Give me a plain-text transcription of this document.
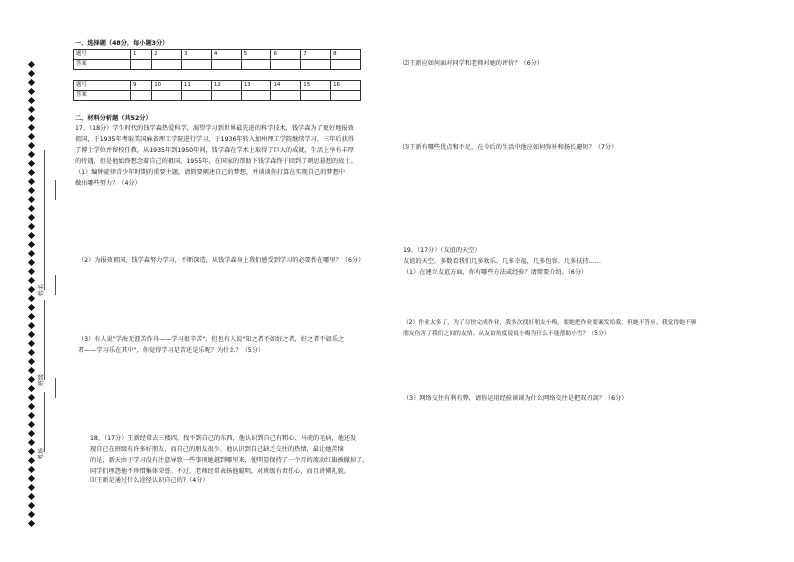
姓名
班级
考场
一、选择题（48分，每小题3分）
题号	1	2	3	4	5	6	7	8
答案								

题号	9	10	11	12	13	14	15	16
答案								
二、材料分析题（共52分）
17、（18分）学生时代的钱学森热爱科学，渴望学习到世界最先进的科学技术，钱学森为了更好地报效
祖国，于1935年考取美国麻省理工学院进行学习，于1936年转入加州理工学院继续学习，三年后获得
了博士学位并留校任教，从1935年到1950年间，钱学森在学术上取得了巨大的成就，生活上享有丰厚
的待遇，但是他始终想念着自己的祖国，1955年，在国家的帮助下钱学森终于回到了朝思暮想的故土。
（1）编钟旋律青少年时期的重要主题，请简要阐述自己的梦想，并谈谈你打算在实现自己的梦想中
做出哪些努力？（4分）
（2）为报效祖国，钱学森努力学习，不断深造，从钱学森身上我们感受到学习的必要性在哪里？（6分）
（3）有人说"学海无涯苦作舟——学习很辛苦"，但也有人说"知之者不如好之者，好之者不如乐之
者——学习乐在其中"，你觉得学习是苦还是乐呢？为什么？（5分）
18、（17分）王新经常去三楼四，找不到自己的东西，他认识到自己有粗心、马虎的毛病，他还发
现自己在班级有许多好朋友，而自己的朋友很少，他认识到自己缺乏交往的热情，最让她苦恼
的是，新天由于学习没有注意导致一些事项她越到哪里来，使明显保持了一个月的流动红旗被撤掉了，
同学们埋怨他不珍惜集体荣誉。不过，老师经常表扬他聪明，对班级有责任心，而且讲懂礼貌。
⑴王新是通过什么途径认识自己的?（4分）
⑵王新应如何面对同学和老师对她的评价？（6分）
⑶王新有哪些优点和不足，在今后的生活中他应如何弥补和扬长避短？（7分）
19、（17分）（友谊的天空）
友谊的天空，多数看我们几多欢乐、几多幸福，几多包容、几多扶持……
（1）在建立友谊方面，你有哪些方法或经验？请简要介绍。（6分）
（2）作业太多了，为了尽快完成作业，我多次找好朋友小梅，要她把作业要案发给我，但她不答应。我觉得她不够
朋友伤害了我们之间的友情。从友谊角度说说小梅为什么不能帮助小雪？（5分）
（3）网络交往有利有弊，请你运用经验谈谈为什么网络交往是把双刃剑？（6分）
